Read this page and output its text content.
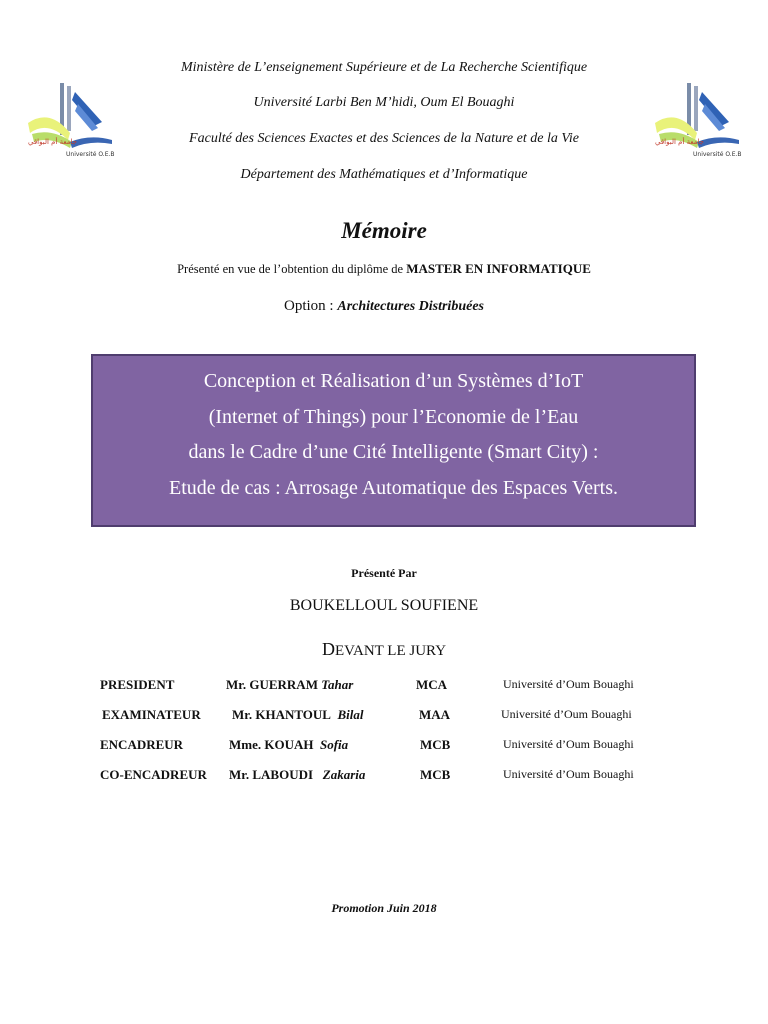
Ministère de L’enseignement Supérieure et de La Recherche Scientifique
Université Larbi Ben M’hidi, Oum El Bouaghi
Faculté des Sciences Exactes et des Sciences de la Nature et de la Vie
Département des Mathématiques et d’Informatique
جامعة أم البواقي
Université O.E.B
جامعة أم البواقي
Université O.E.B
Mémoire
Présenté en vue de l’obtention du diplôme de MASTER EN INFORMATIQUE
Option : Architectures Distribuées
Conception et Réalisation d’un Systèmes d’IoT
(Internet of Things) pour l’Economie de l’Eau
dans le Cadre d’une Cité Intelligente (Smart City) :
Etude de cas : Arrosage Automatique des Espaces Verts.
Présenté Par
BOUKELLOUL SOUFIENE
DEVANT LE JURY
PRESIDENT	Mr. GUERRAM Tahar	MCA	Université d’Oum Bouaghi
EXAMINATEUR Mr. KHANTOUL Bilal	MAA	Université d’Oum Bouaghi
ENCADREUR	Mme. KOUAH Sofia	MCB	Université d’Oum Bouaghi
CO-ENCADREUR Mr. LABOUDI Zakaria	MCB	Université d’Oum Bouaghi
Promotion Juin 2018
